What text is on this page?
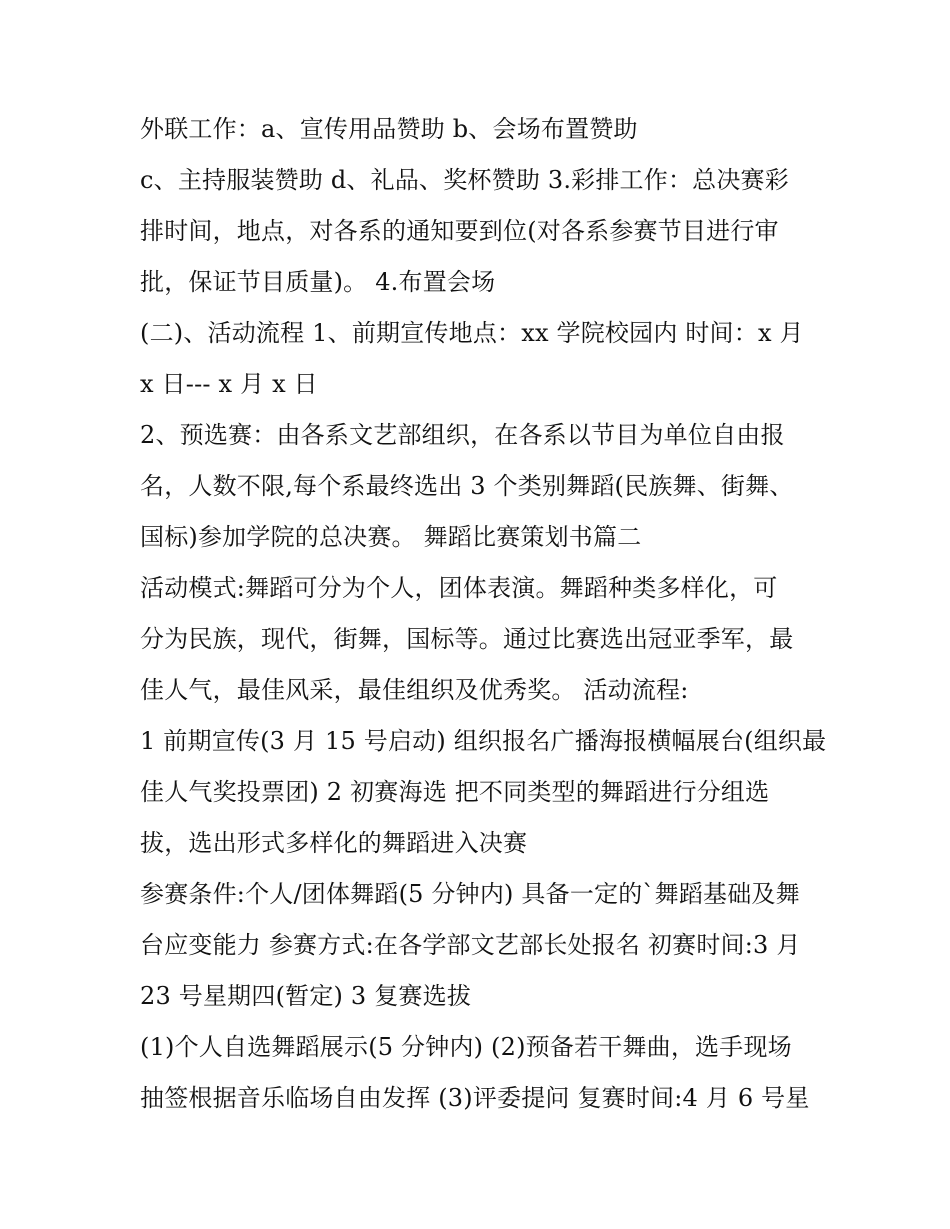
外联工作：a、宣传用品赞助 b、会场布置赞助
c、主持服装赞助 d、礼品、奖杯赞助 3.彩排工作：总决赛彩
排时间，地点，对各系的通知要到位(对各系参赛节目进行审
批，保证节目质量)。 4.布置会场
(二)、活动流程 1、前期宣传地点：xx 学院校园内 时间：x 月
x 日--- x 月 x 日
2、预选赛：由各系文艺部组织，在各系以节目为单位自由报
名，人数不限,每个系最终选出 3 个类别舞蹈(民族舞、街舞、
国标)参加学院的总决赛。 舞蹈比赛策划书篇二
活动模式:舞蹈可分为个人，团体表演。舞蹈种类多样化，可
分为民族，现代，街舞，国标等。通过比赛选出冠亚季军，最
佳人气，最佳风采，最佳组织及优秀奖。 活动流程:
1 前期宣传(3 月 15 号启动) 组织报名广播海报横幅展台(组织最
佳人气奖投票团) 2 初赛海选 把不同类型的舞蹈进行分组选
拔，选出形式多样化的舞蹈进入决赛
参赛条件:个人/团体舞蹈(5 分钟内) 具备一定的`舞蹈基础及舞
台应变能力 参赛方式:在各学部文艺部长处报名 初赛时间:3 月
23 号星期四(暂定) 3 复赛选拔
(1)个人自选舞蹈展示(5 分钟内) (2)预备若干舞曲，选手现场
抽签根据音乐临场自由发挥 (3)评委提问 复赛时间:4 月 6 号星
